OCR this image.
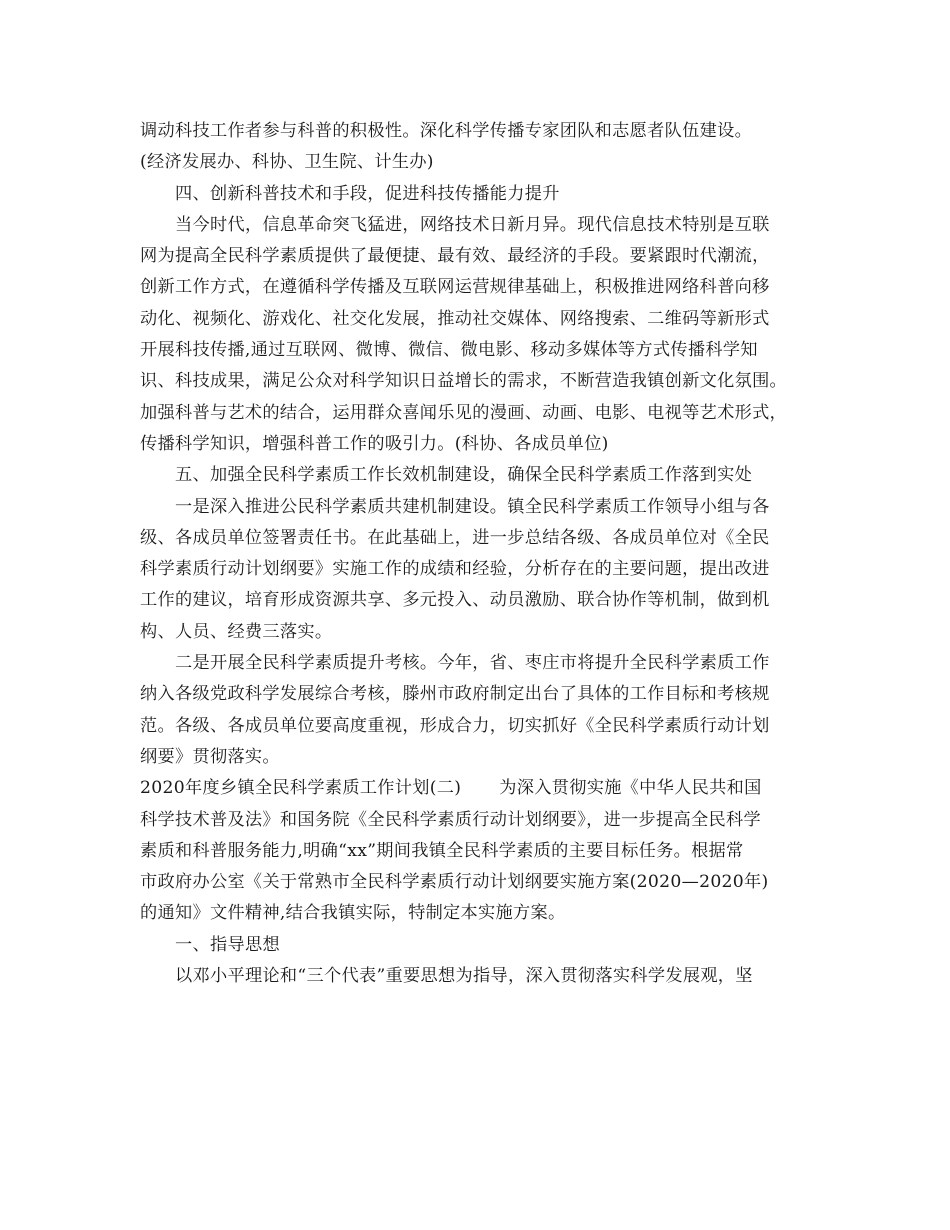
调动科技工作者参与科普的积极性。深化科学传播专家团队和志愿者队伍建设。
(经济发展办、科协、卫生院、计生办)
四、创新科普技术和手段，促进科技传播能力提升
当今时代，信息革命突飞猛进，网络技术日新月异。现代信息技术特别是互联
网为提高全民科学素质提供了最便捷、最有效、最经济的手段。要紧跟时代潮流，
创新工作方式，在遵循科学传播及互联网运营规律基础上，积极推进网络科普向移
动化、视频化、游戏化、社交化发展，推动社交媒体、网络搜索、二维码等新形式
开展科技传播,通过互联网、微博、微信、微电影、移动多媒体等方式传播科学知
识、科技成果，满足公众对科学知识日益增长的需求，不断营造我镇创新文化氛围。
加强科普与艺术的结合，运用群众喜闻乐见的漫画、动画、电影、电视等艺术形式，
传播科学知识，增强科普工作的吸引力。(科协、各成员单位)
五、加强全民科学素质工作长效机制建设，确保全民科学素质工作落到实处
一是深入推进公民科学素质共建机制建设。镇全民科学素质工作领导小组与各
级、各成员单位签署责任书。在此基础上，进一步总结各级、各成员单位对《全民
科学素质行动计划纲要》实施工作的成绩和经验，分析存在的主要问题，提出改进
工作的建议，培育形成资源共享、多元投入、动员激励、联合协作等机制，做到机
构、人员、经费三落实。
二是开展全民科学素质提升考核。今年，省、枣庄市将提升全民科学素质工作
纳入各级党政科学发展综合考核，滕州市政府制定出台了具体的工作目标和考核规
范。各级、各成员单位要高度重视，形成合力，切实抓好《全民科学素质行动计划
纲要》贯彻落实。
2020年度乡镇全民科学素质工作计划(二) 为深入贯彻实施《中华人民共和国
科学技术普及法》和国务院《全民科学素质行动计划纲要》，进一步提高全民科学
素质和科普服务能力,明确“xx”期间我镇全民科学素质的主要目标任务。根据常
市政府办公室《关于常熟市全民科学素质行动计划纲要实施方案(2020—2020年)
的通知》文件精神,结合我镇实际，特制定本实施方案。
一、指导思想
以邓小平理论和“三个代表”重要思想为指导，深入贯彻落实科学发展观，坚
